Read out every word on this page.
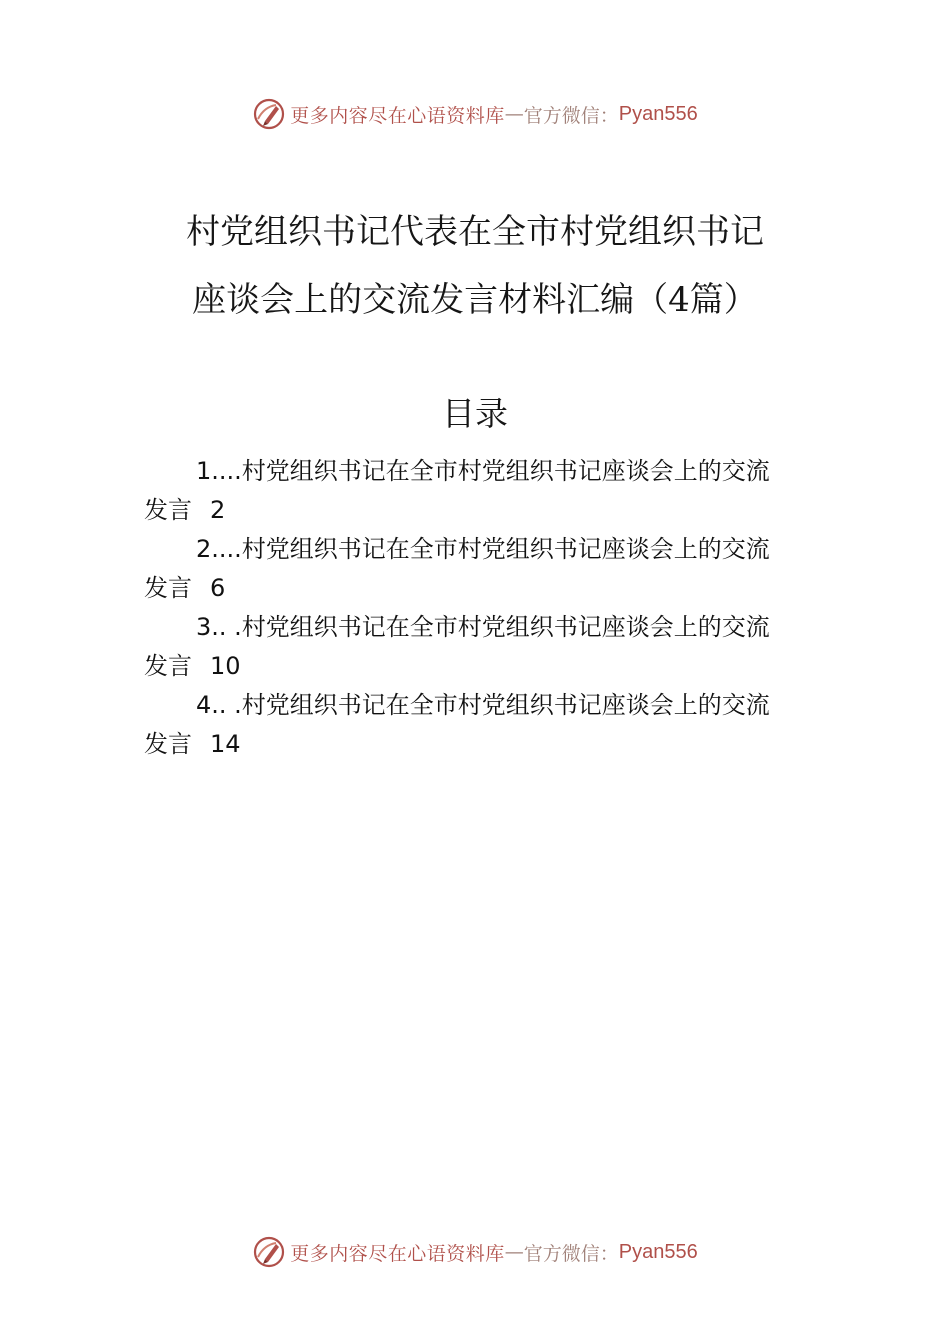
更多内容尽在心语资料库 — 官方微信： Pyan556
村党组织书记代表在全市村党组织书记
座谈会上的交流发言材料汇编（4篇）
目录
1....村党组织书记在全市村党组织书记座谈会上的交流
发言 2
2....村党组织书记在全市村党组织书记座谈会上的交流
发言 6
3.. .村党组织书记在全市村党组织书记座谈会上的交流
发言 10
4.. .村党组织书记在全市村党组织书记座谈会上的交流
发言 14
更多内容尽在心语资料库 — 官方微信： Pyan556
